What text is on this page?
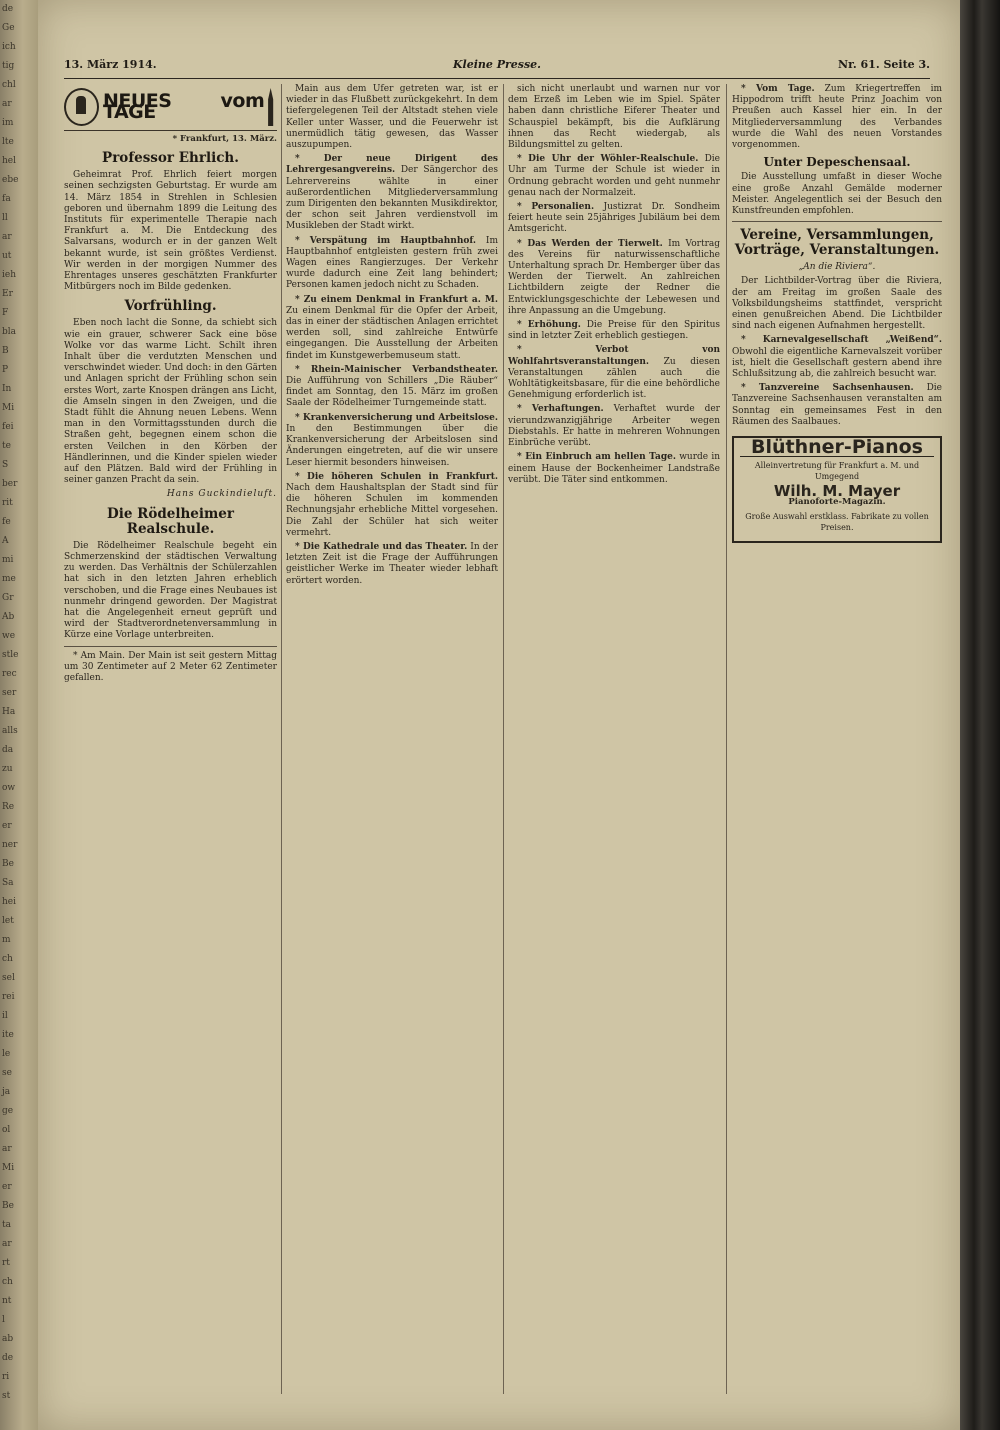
de
Ge
ich
tig
chl
ar
im
lte
hel
ebe
fa
ll
ar
ut
ieh
Er
F
bla
B
P
In
Mi
fei
te
S
ber
rit
fe
A
mi
me
Gr
Ab
we
stle
rec
ser
Ha
alls
da
zu
ow
Re
er
ner
Be
Sa
hei
let
m
ch
sel
rei
il
ite
le
se
ja
ge
ol
ar
Mi
er
Be
ta
ar
rt
ch
nt
l
ab
de
ri
st
13. März 1914.	Kleine Presse.	Nr. 61. Seite 3.
NEUES vom TAGE
* Frankfurt, 13. März.
Professor Ehrlich.

Geheimrat Prof. Ehrlich feiert morgen seinen sechzigsten Geburtstag. Er wurde am 14. März 1854 in Strehlen in Schlesien geboren und übernahm 1899 die Leitung des Instituts für experimentelle Therapie nach Frankfurt a. M. Die Entdeckung des Salvarsans, wodurch er in der ganzen Welt bekannt wurde, ist sein größtes Verdienst. Wir werden in der morgigen Nummer des Ehrentages unseres geschätzten Frankfurter Mitbürgers noch im Bilde gedenken.

Vorfrühling.

Eben noch lacht die Sonne, da schiebt sich wie ein grauer, schwerer Sack eine böse Wolke vor das warme Licht. Schilt ihren Inhalt über die verdutzten Menschen und verschwindet wieder. Und doch: in den Gärten und Anlagen spricht der Frühling schon sein erstes Wort, zarte Knospen drängen ans Licht, die Amseln singen in den Zweigen, und die Stadt fühlt die Ahnung neuen Lebens. Wenn man in den Vormittagsstunden durch die Straßen geht, begegnen einem schon die ersten Veilchen in den Körben der Händlerinnen, und die Kinder spielen wieder auf den Plätzen. Bald wird der Frühling in seiner ganzen Pracht da sein.

Hans Guckindieluft.
Die Rödelheimer Realschule.

Die Rödelheimer Realschule begeht ein Schmerzenskind der städtischen Verwaltung zu werden. Das Verhältnis der Schülerzahlen hat sich in den letzten Jahren erheblich verschoben, und die Frage eines Neubaues ist nunmehr dringend geworden. Der Magistrat hat die Angelegenheit erneut geprüft und wird der Stadtverordnetenversammlung in Kürze eine Vorlage unterbreiten.

* Am Main. Der Main ist seit gestern Mittag um 30 Zentimeter auf 2 Meter 62 Zentimeter gefallen.

Main aus dem Ufer getreten war, ist er wieder in das Flußbett zurückgekehrt. In dem tiefergelegenen Teil der Altstadt stehen viele Keller unter Wasser, und die Feuerwehr ist unermüdlich tätig gewesen, das Wasser auszupumpen.

* Der neue Dirigent des Lehrergesangvereins. Der Sängerchor des Lehrervereins wählte in einer außerordentlichen Mitgliederversammlung zum Dirigenten den bekannten Musikdirektor, der schon seit Jahren verdienstvoll im Musikleben der Stadt wirkt.

* Verspätung im Hauptbahnhof. Im Hauptbahnhof entgleisten gestern früh zwei Wagen eines Rangierzuges. Der Verkehr wurde dadurch eine Zeit lang behindert; Personen kamen jedoch nicht zu Schaden.

* Zu einem Denkmal in Frankfurt a. M. Zu einem Denkmal für die Opfer der Arbeit, das in einer der städtischen Anlagen errichtet werden soll, sind zahlreiche Entwürfe eingegangen. Die Ausstellung der Arbeiten findet im Kunstgewerbemuseum statt.

* Rhein-Mainischer Verbandstheater. Die Aufführung von Schillers „Die Räuber“ findet am Sonntag, den 15. März im großen Saale der Rödelheimer Turngemeinde statt.

* Krankenversicherung und Arbeitslose. In den Bestimmungen über die Krankenversicherung der Arbeitslosen sind Änderungen eingetreten, auf die wir unsere Leser hiermit besonders hinweisen.

* Die höheren Schulen in Frankfurt. Nach dem Haushaltsplan der Stadt sind für die höheren Schulen im kommenden Rechnungsjahr erhebliche Mittel vorgesehen. Die Zahl der Schüler hat sich weiter vermehrt.

* Die Kathedrale und das Theater. In der letzten Zeit ist die Frage der Aufführungen geistlicher Werke im Theater wieder lebhaft erörtert worden.

sich nicht unerlaubt und warnen nur vor dem Erzeß im Leben wie im Spiel. Später haben dann christliche Eiferer Theater und Schauspiel bekämpft, bis die Aufklärung ihnen das Recht wiedergab, als Bildungsmittel zu gelten.

* Die Uhr der Wöhler-Realschule. Die Uhr am Turme der Schule ist wieder in Ordnung gebracht worden und geht nunmehr genau nach der Normalzeit.

* Personalien. Justizrat Dr. Sondheim feiert heute sein 25jähriges Jubiläum bei dem Amtsgericht.

* Das Werden der Tierwelt. Im Vortrag des Vereins für naturwissenschaftliche Unterhaltung sprach Dr. Hemberger über das Werden der Tierwelt. An zahlreichen Lichtbildern zeigte der Redner die Entwicklungsgeschichte der Lebewesen und ihre Anpassung an die Umgebung.

* Erhöhung. Die Preise für den Spiritus sind in letzter Zeit erheblich gestiegen.

* Verbot von Wohlfahrtsveranstaltungen. Zu diesen Veranstaltungen zählen auch die Wohltätigkeitsbasare, für die eine behördliche Genehmigung erforderlich ist.

* Verhaftungen. Verhaftet wurde der vierundzwanzigjährige Arbeiter wegen Diebstahls. Er hatte in mehreren Wohnungen Einbrüche verübt.

* Ein Einbruch am hellen Tage. wurde in einem Hause der Bockenheimer Landstraße verübt. Die Täter sind entkommen.

* Vom Tage. Zum Kriegertreffen im Hippodrom trifft heute Prinz Joachim von Preußen auch Kassel hier ein. In der Mitgliederversammlung des Verbandes wurde die Wahl des neuen Vorstandes vorgenommen.

Unter Depeschensaal.

Die Ausstellung umfaßt in dieser Woche eine große Anzahl Gemälde moderner Meister. Angelegentlich sei der Besuch den Kunstfreunden empfohlen.

Vereine, Versammlungen, Vorträge, Veranstaltungen.
„An die Riviera“.

Der Lichtbilder-Vortrag über die Riviera, der am Freitag im großen Saale des Volksbildungsheims stattfindet, verspricht einen genußreichen Abend. Die Lichtbilder sind nach eigenen Aufnahmen hergestellt.

* Karnevalgesellschaft „Weißend“. Obwohl die eigentliche Karnevalszeit vorüber ist, hielt die Gesellschaft gestern abend ihre Schlußsitzung ab, die zahlreich besucht war.

* Tanzvereine Sachsenhausen. Die Tanzvereine Sachsenhausen veranstalten am Sonntag ein gemeinsames Fest in den Räumen des Saalbaues.

Blüthner-Pianos
Alleinvertretung für Frankfurt a. M. und Umgegend
Wilh. M. Mayer
Pianoforte-Magazin.
Große Auswahl erstklass. Fabrikate zu vollen Preisen.
